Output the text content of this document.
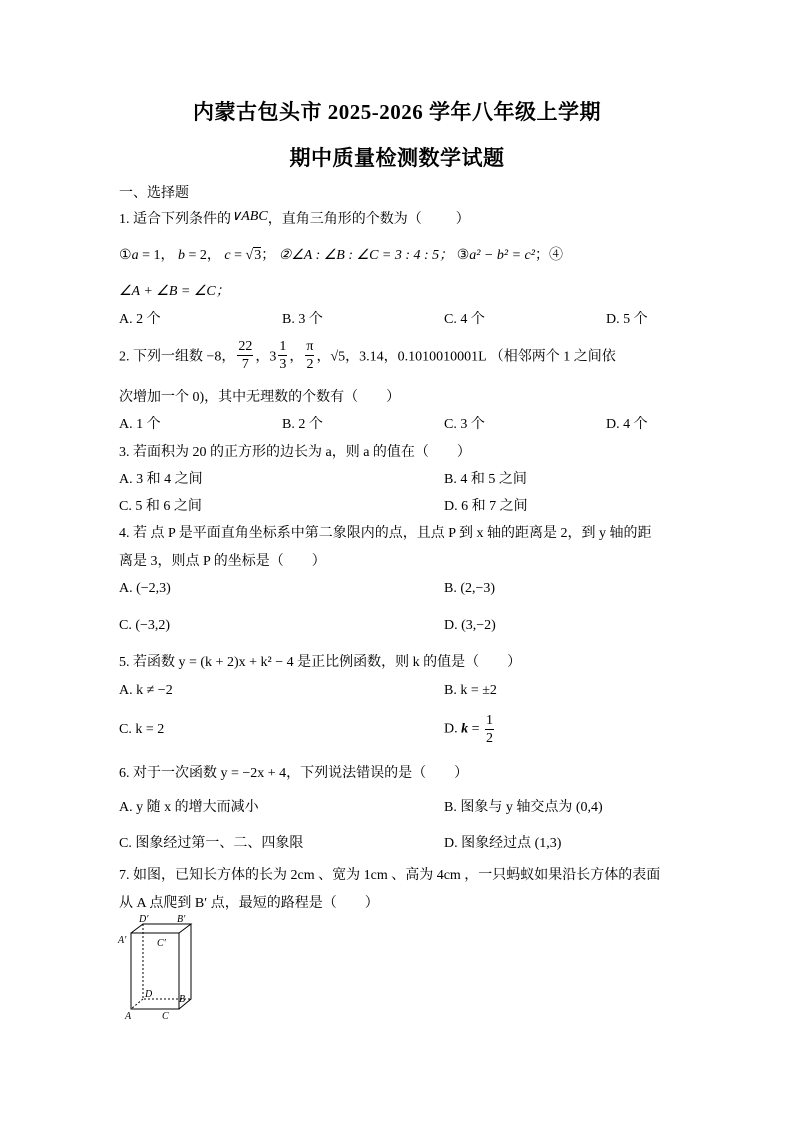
内蒙古包头市 2025-2026 学年八年级上学期
期中质量检测数学试题
一、选择题
1. 适合下列条件的∨ABC，直角三角形的个数为（ ）
①a = 1， b = 2， c = √3； ②∠A : ∠B : ∠C = 3 : 4 : 5； ③a² − b² = c²；④
∠A + ∠B = ∠C；
A. 2 个	B. 3 个	C. 4 个	D. 5 个
2. 下列一组数 −8， $\frac{22}{7}$ ，$3 \frac{1}{3}$ ， $\frac{\pi}{2}$ ，√5，3.14，0.1010010001L （相邻两个 1 之间依
次增加一个 0)，其中无理数的个数有（　　）
A. 1 个	B. 2 个	C. 3 个	D. 4 个
3. 若面积为 20 的正方形的边长为 a，则 a 的值在（　　）
A. 3 和 4 之间	B. 4 和 5 之间
C. 5 和 6 之间	D. 6 和 7 之间
4. 若 点 P 是平面直角坐标系中第二象限内的点，且点 P 到 x 轴的距离是 2，到 y 轴的距
离是 3，则点 P 的坐标是（　　）
A. (−2,3)	B. (2,−3)
C. (−3,2)	D. (3,−2)
5. 若函数 y = (k + 2)x + k² − 4 是正比例函数，则 k 的值是（　　）
A. k ≠ −2	B. k = ±2
C. k = 2	D. $k = \frac{1}{2}$
6. 对于一次函数 y = −2x + 4，下列说法错误的是（　　）
A. y 随 x 的增大而减小	B. 图象与 y 轴交点为 (0,4)
C. 图象经过第一、二、四象限	D. 图象经过点 (1,3)
7. 如图，已知长方体的长为 2cm 、宽为 1cm 、高为 4cm ，一只蚂蚁如果沿长方体的表面
从 A 点爬到 B′ 点，最短的路程是（　　）
D′	B′
A′	C′
D	B
A	C
